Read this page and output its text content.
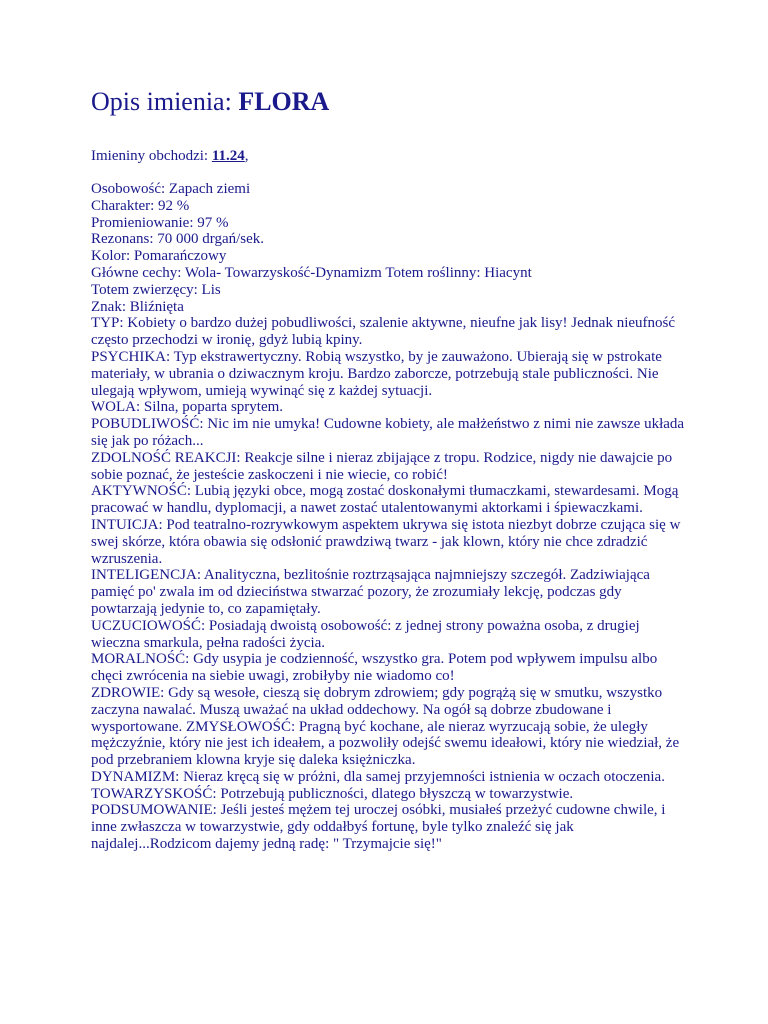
Opis imienia: FLORA
Imieniny obchodzi: 11.24,
Osobowość: Zapach ziemi
Charakter: 92 %
Promieniowanie: 97 %
Rezonans: 70 000 drgań/sek.
Kolor: Pomarańczowy
Główne cechy: Wola- Towarzyskość-Dynamizm Totem roślinny: Hiacynt
Totem zwierzęcy: Lis
Znak: Bliźnięta
TYP: Kobiety o bardzo dużej pobudliwości, szalenie aktywne, nieufne jak lisy! Jednak nieufność często przechodzi w ironię, gdyż lubią kpiny.
PSYCHIKA: Typ ekstrawertyczny. Robią wszystko, by je zauważono. Ubierają się w pstrokate materiały, w ubrania o dziwacznym kroju. Bardzo zaborcze, potrzebują stale publiczności. Nie ulegają wpływom, umieją wywinąć się z każdej sytuacji.
WOLA: Silna, poparta sprytem.
POBUDLIWOŚĆ: Nic im nie umyka! Cudowne kobiety, ale małżeństwo z nimi nie zawsze układa się jak po różach...
ZDOLNOŚĆ REAKCJI: Reakcje silne i nieraz zbijające z tropu. Rodzice, nigdy nie dawajcie po sobie poznać, że jesteście zaskoczeni i nie wiecie, co robić!
AKTYWNOŚĆ: Lubią języki obce, mogą zostać doskonałymi tłumaczkami, stewardesami. Mogą pracować w handlu, dyplomacji, a nawet zostać utalentowanymi aktorkami i śpiewaczkami.
INTUICJA: Pod teatralno-rozrywkowym aspektem ukrywa się istota niezbyt dobrze czująca się w swej skórze, która obawia się odsłonić prawdziwą twarz - jak klown, który nie chce zdradzić wzruszenia.
INTELIGENCJA: Analityczna, bezlitośnie roztrząsająca najmniejszy szczegół. Zadziwiająca pamięć po' zwala im od dzieciństwa stwarzać pozory, że zrozumiały lekcję, podczas gdy powtarzają jedynie to, co zapamiętały.
UCZUCIOWOŚĆ: Posiadają dwoistą osobowość: z jednej strony poważna osoba, z drugiej wieczna smarkula, pełna radości życia.
MORALNOŚĆ: Gdy usypia je codzienność, wszystko gra. Potem pod wpływem impulsu albo chęci zwrócenia na siebie uwagi, zrobiłyby nie wiadomo co!
ZDROWIE: Gdy są wesołe, cieszą się dobrym zdrowiem; gdy pogrążą się w smutku, wszystko zaczyna nawalać. Muszą uważać na układ oddechowy. Na ogół są dobrze zbudowane i wysportowane. ZMYSŁOWOŚĆ: Pragną być kochane, ale nieraz wyrzucają sobie, że uległy mężczyźnie, który nie jest ich ideałem, a pozwoliły odejść swemu ideałowi, który nie wiedział, że pod przebraniem klowna kryje się daleka księżniczka.
DYNAMIZM: Nieraz kręcą się w próżni, dla samej przyjemności istnienia w oczach otoczenia.
TOWARZYSKOŚĆ: Potrzebują publiczności, dlatego błyszczą w towarzystwie.
PODSUMOWANIE: Jeśli jesteś mężem tej uroczej osóbki, musiałeś przeżyć cudowne chwile, i inne zwłaszcza w towarzystwie, gdy oddałbyś fortunę, byle tylko znaleźć się jak najdalej...Rodzicom dajemy jedną radę: " Trzymajcie się!"
